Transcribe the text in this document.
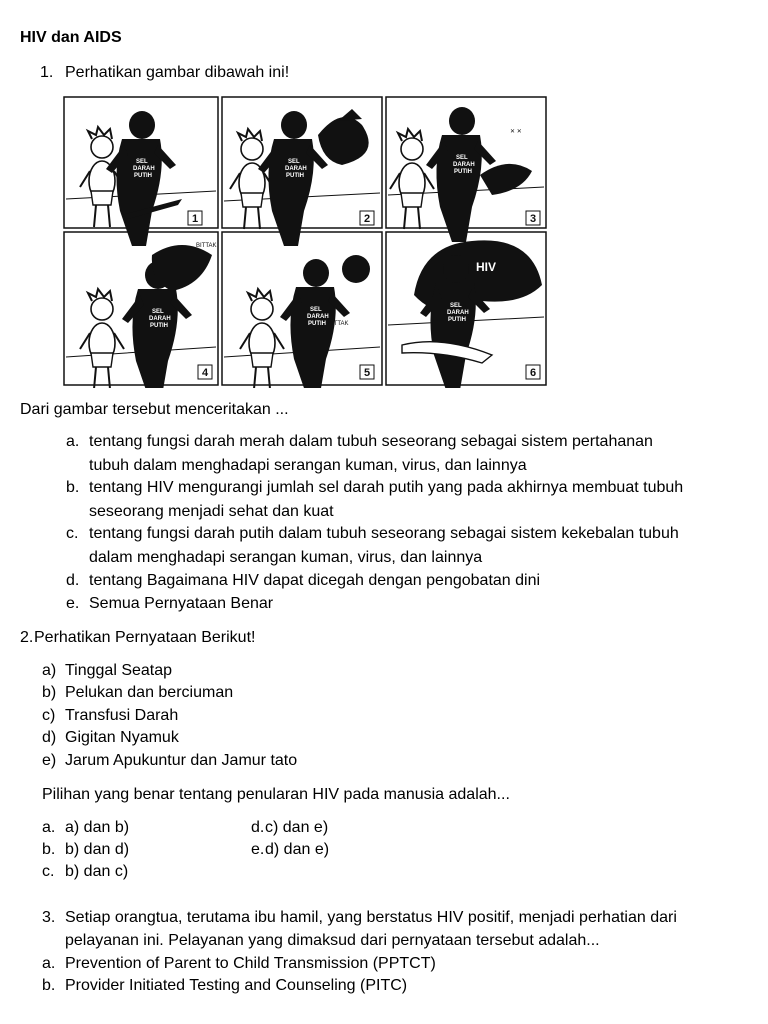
HIV dan AIDS
1. Perhatikan gambar dibawah ini!
✕ ✕
BITTAK
BITTAK
HIV
1	2	3
4	5	6
Dari gambar tersebut menceritakan ...
a. tentang fungsi darah merah dalam tubuh seseorang sebagai sistem pertahanan
tubuh dalam menghadapi serangan kuman, virus, dan lainnya
b. tentang HIV mengurangi jumlah sel darah putih yang pada akhirnya membuat tubuh
seseorang menjadi sehat dan kuat
c. tentang fungsi darah putih dalam tubuh seseorang sebagai sistem kekebalan tubuh
dalam menghadapi serangan kuman, virus, dan lainnya
d. tentang Bagaimana HIV dapat dicegah dengan pengobatan dini
e. Semua Pernyataan Benar
2. Perhatikan Pernyataan Berikut!
a) Tinggal Seatap
b) Pelukan dan berciuman
c) Transfusi Darah
d) Gigitan Nyamuk
e) Jarum Apukuntur dan Jamur tato
Pilihan yang benar tentang penularan HIV pada manusia adalah...
a. a) dan b)
b. b) dan d)
c. b) dan c)
d. c) dan e)
e. d) dan e)
3. Setiap orangtua, terutama ibu hamil, yang berstatus HIV positif, menjadi perhatian dari
pelayanan ini. Pelayanan yang dimaksud dari pernyataan tersebut adalah...
a. Prevention of Parent to Child Transmission (PPTCT)
b. Provider Initiated Testing and Counseling (PITC)
